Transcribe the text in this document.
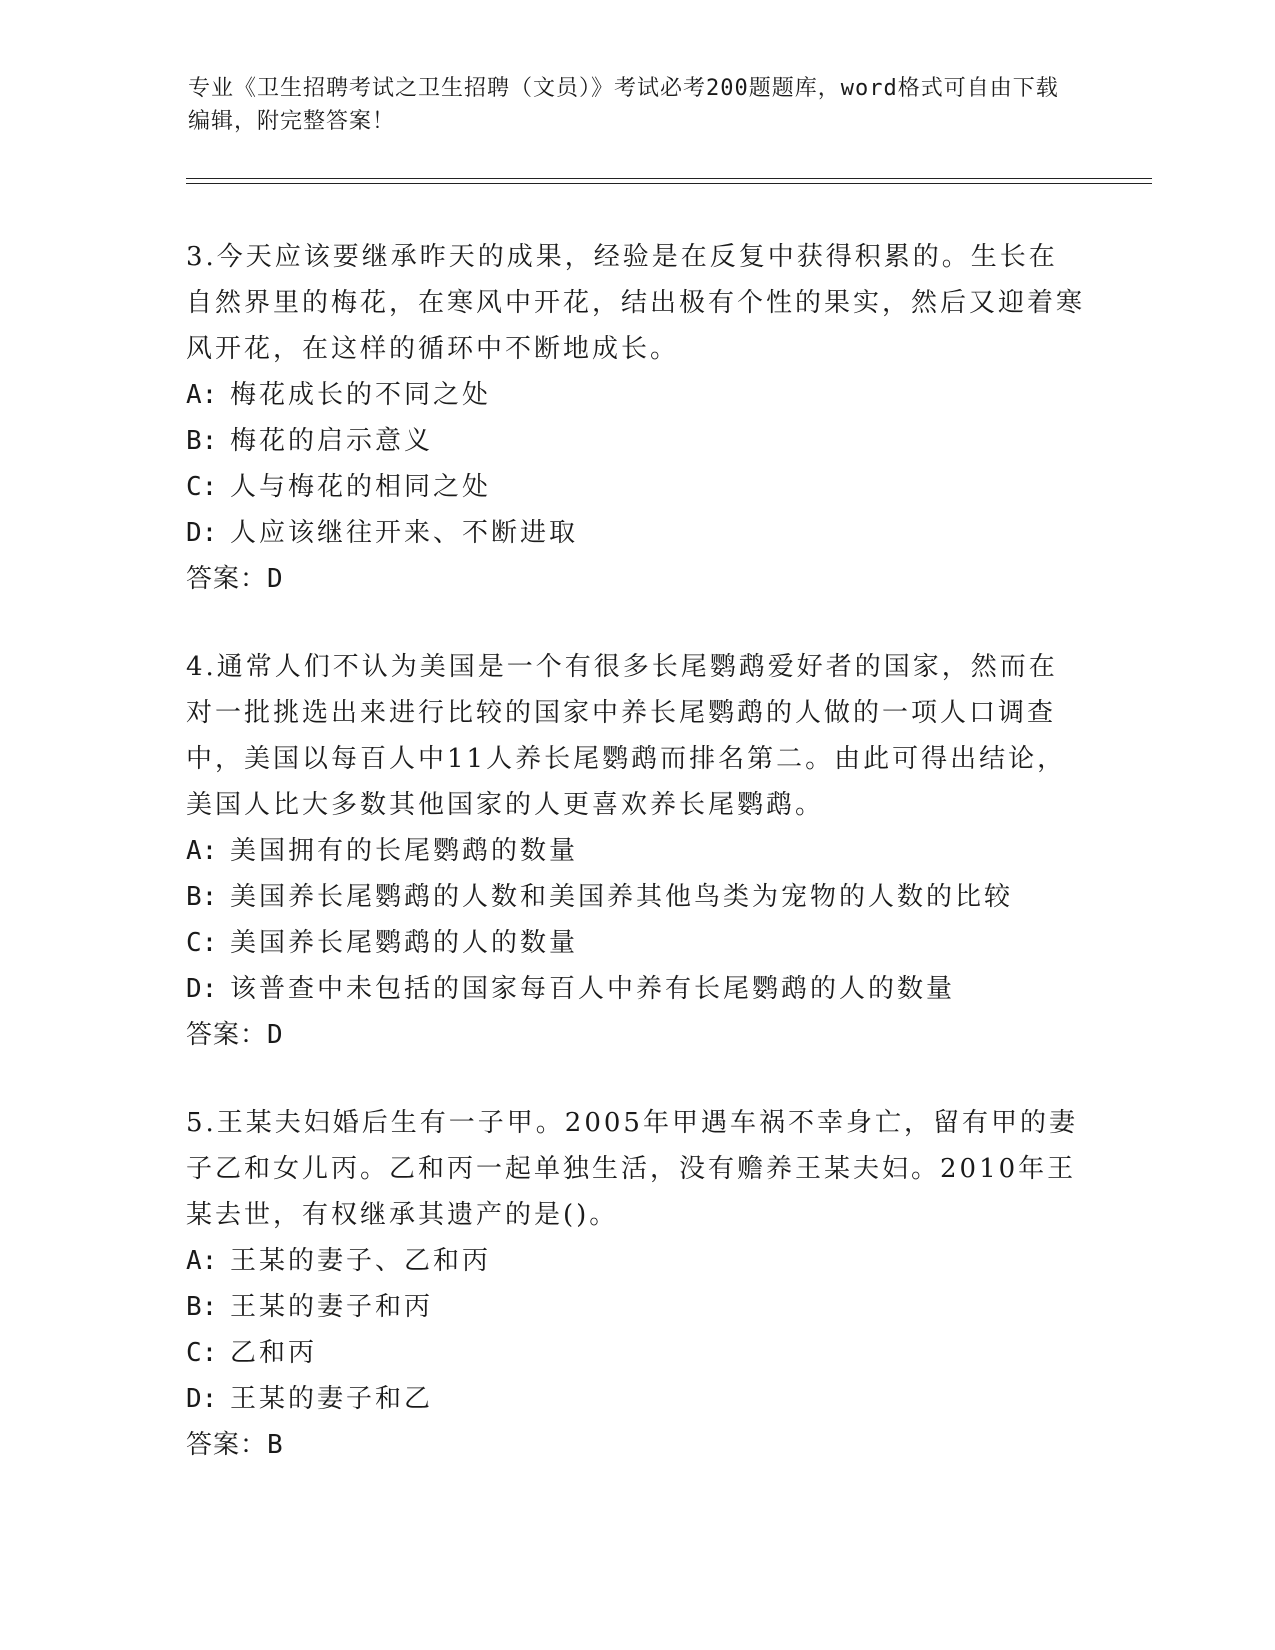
专业《卫生招聘考试之卫生招聘（文员）》考试必考200题题库，word格式可自由下载编辑，附完整答案！

3.今天应该要继承昨天的成果，经验是在反复中获得积累的。生长在自然界里的梅花，在寒风中开花，结出极有个性的果实，然后又迎着寒风开花，在这样的循环中不断地成长。

A: 梅花成长的不同之处

B: 梅花的启示意义

C: 人与梅花的相同之处

D: 人应该继往开来、不断进取

答案：D

4.通常人们不认为美国是一个有很多长尾鹦鹉爱好者的国家，然而在对一批挑选出来进行比较的国家中养长尾鹦鹉的人做的一项人口调查中，美国以每百人中11人养长尾鹦鹉而排名第二。由此可得出结论，美国人比大多数其他国家的人更喜欢养长尾鹦鹉。

A: 美国拥有的长尾鹦鹉的数量

B: 美国养长尾鹦鹉的人数和美国养其他鸟类为宠物的人数的比较

C: 美国养长尾鹦鹉的人的数量

D: 该普查中未包括的国家每百人中养有长尾鹦鹉的人的数量

答案：D

5.王某夫妇婚后生有一子甲。2005年甲遇车祸不幸身亡，留有甲的妻子乙和女儿丙。乙和丙一起单独生活，没有赡养王某夫妇。2010年王某去世，有权继承其遗产的是()。

A: 王某的妻子、乙和丙

B: 王某的妻子和丙

C: 乙和丙

D: 王某的妻子和乙

答案：B
